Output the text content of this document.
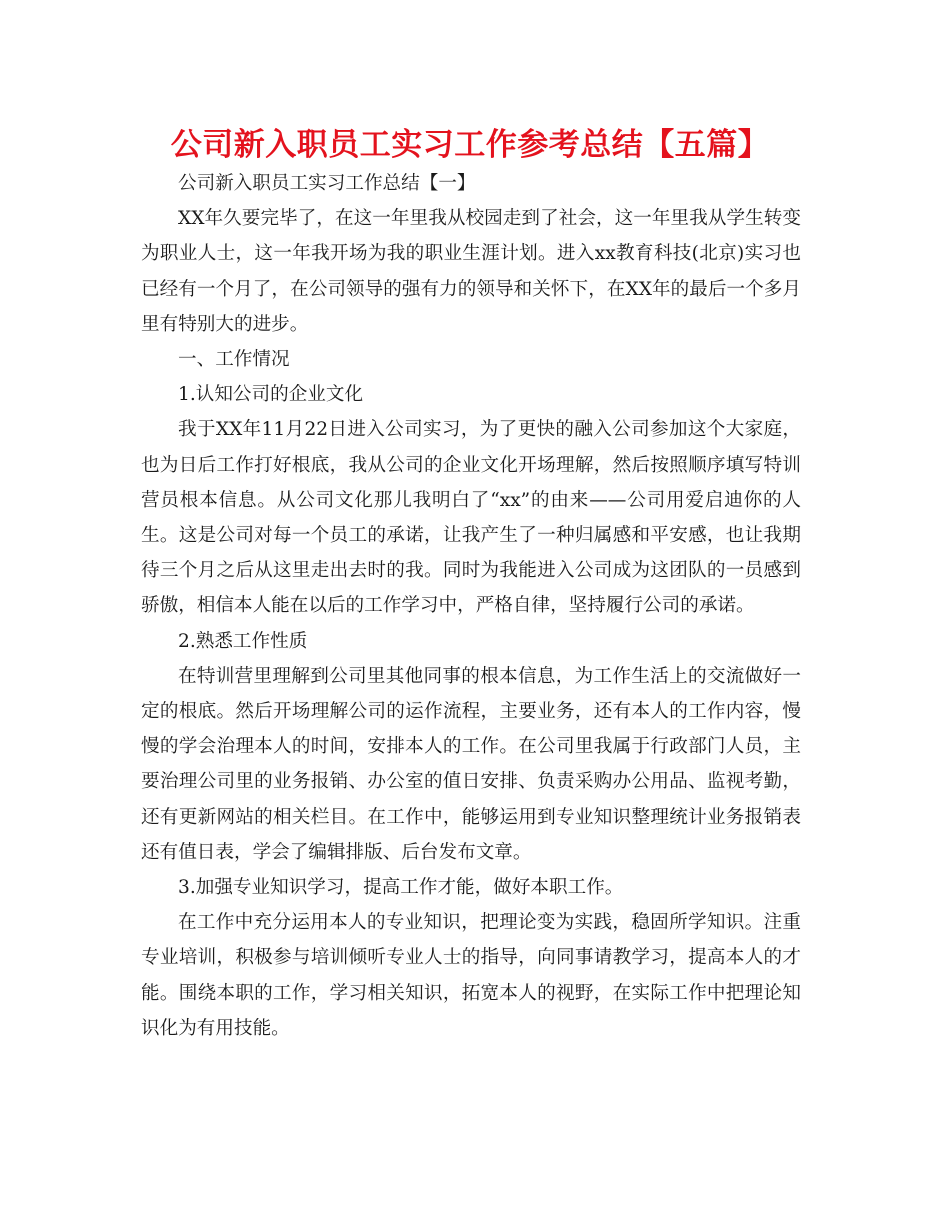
公司新入职员工实习工作参考总结【五篇】

公司新入职员工实习工作总结【一】

XX年久要完毕了，在这一年里我从校园走到了社会，这一年里我从学生转变为职业人士，这一年我开场为我的职业生涯计划。进入xx教育科技(北京)实习也已经有一个月了，在公司领导的强有力的领导和关怀下，在XX年的最后一个多月里有特别大的进步。

一、工作情况

1.认知公司的企业文化

我于XX年11月22日进入公司实习，为了更快的融入公司参加这个大家庭，也为日后工作打好根底，我从公司的企业文化开场理解，然后按照顺序填写特训营员根本信息。从公司文化那儿我明白了“xx”的由来——公司用爱启迪你的人生。这是公司对每一个员工的承诺，让我产生了一种归属感和平安感，也让我期待三个月之后从这里走出去时的我。同时为我能进入公司成为这团队的一员感到骄傲，相信本人能在以后的工作学习中，严格自律，坚持履行公司的承诺。

2.熟悉工作性质

在特训营里理解到公司里其他同事的根本信息，为工作生活上的交流做好一定的根底。然后开场理解公司的运作流程，主要业务，还有本人的工作内容，慢慢的学会治理本人的时间，安排本人的工作。在公司里我属于行政部门人员，主要治理公司里的业务报销、办公室的值日安排、负责采购办公用品、监视考勤，还有更新网站的相关栏目。在工作中，能够运用到专业知识整理统计业务报销表还有值日表，学会了编辑排版、后台发布文章。

3.加强专业知识学习，提高工作才能，做好本职工作。

在工作中充分运用本人的专业知识，把理论变为实践，稳固所学知识。注重专业培训，积极参与培训倾听专业人士的指导，向同事请教学习，提高本人的才能。围绕本职的工作，学习相关知识，拓宽本人的视野，在实际工作中把理论知识化为有用技能。
